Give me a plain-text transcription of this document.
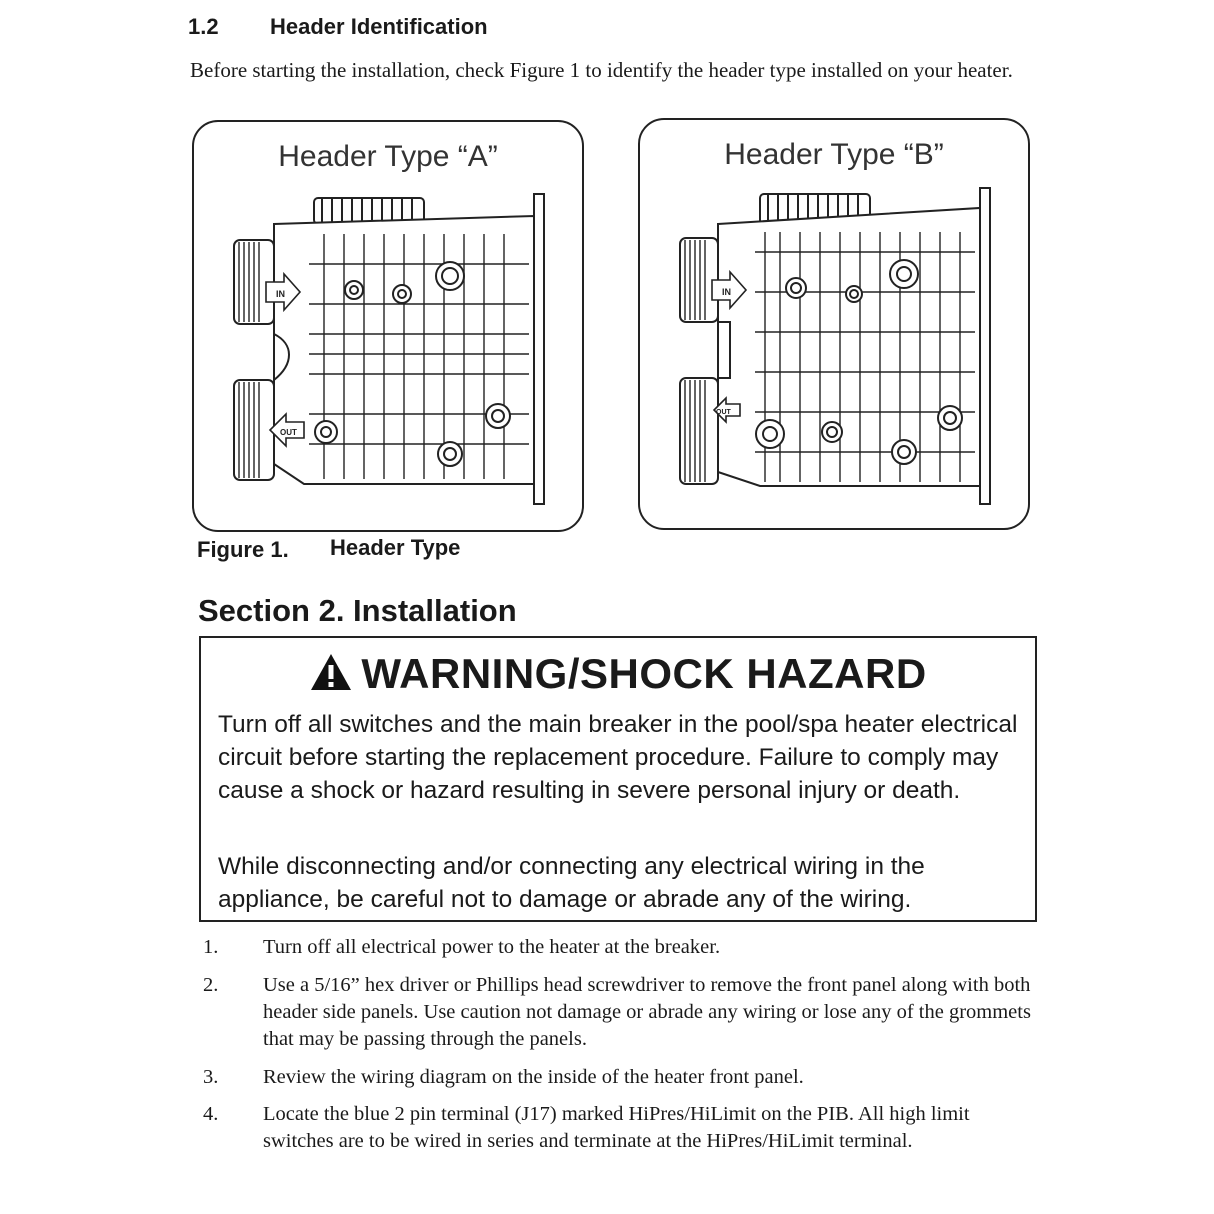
1.2 Header Identification
Before starting the installation, check Figure 1 to identify the header type installed on your heater.
Header Type “A”
IN
OUT
Header Type “B”
IN
OUT
Figure 1. Header Type
Section 2. Installation
WARNING/SHOCK HAZARD
Turn off all switches and the main breaker in the pool/spa heater electrical circuit before starting the replacement procedure. Failure to comply may cause a shock or hazard resulting in severe personal injury or death.
While disconnecting and/or connecting any electrical wiring in the appliance, be careful not to damage or abrade any of the wiring.
1. Turn off all electrical power to the heater at the breaker.
2. Use a 5/16” hex driver or Phillips head screwdriver to remove the front panel along with both header side panels. Use caution not damage or abrade any wiring or lose any of the grommets that may be passing through the panels.
3. Review the wiring diagram on the inside of the heater front panel.
4. Locate the blue 2 pin terminal (J17) marked HiPres/HiLimit on the PIB. All high limit switches are to be wired in series and terminate at the HiPres/HiLimit terminal.
